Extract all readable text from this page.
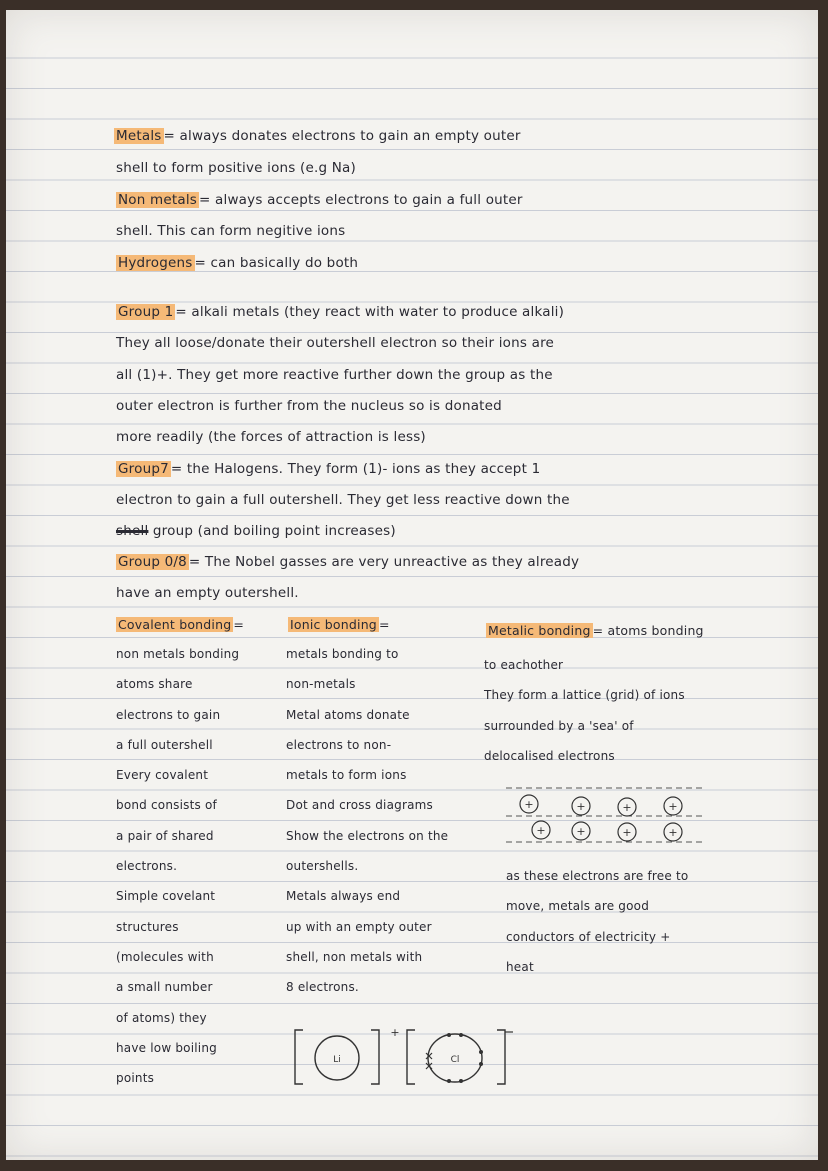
Metals = always donates electrons to gain an empty outer
shell to form positive ions (e.g Na)
Non metals = always accepts electrons to gain a full outer
shell. This can form negitive ions
Hydrogens = can basically do both
Group 1 = alkali metals (they react with water to produce alkali)
They all loose/donate their outershell electron so their ions are
all (1)+. They get more reactive further down the group as the
outer electron is further from the nucleus so is donated
more readily (the forces of attraction is less)
Group7 = the Halogens. They form (1)- ions as they accept 1
electron to gain a full outershell. They get less reactive down the
shell group (and boiling point increases)
Group 0/8 = The Nobel gasses are very unreactive as they already
have an empty outershell.
Covalent bonding =	Ionic bonding =	Metalic bonding = atoms bonding
non metals bonding
atoms share
electrons to gain
a full outershell
Every covalent
bond consists of
a pair of shared
electrons.
Simple covelant
structures
(molecules with
a small number
of atoms) they
have low boiling
points
metals bonding to
non-metals
Metal atoms donate
electrons to non-
metals to form ions
Dot and cross diagrams
Show the electrons on the
outershells.
Metals always end
up with an empty outer
shell, non metals with
8 electrons.
to eachother
They form a lattice (grid) of ions
surrounded by a 'sea' of
delocalised electrons
+	+	+	+
+	+	+	+
as these electrons are free to
move, metals are good
conductors of electricity +
heat
Li
+
Cl
